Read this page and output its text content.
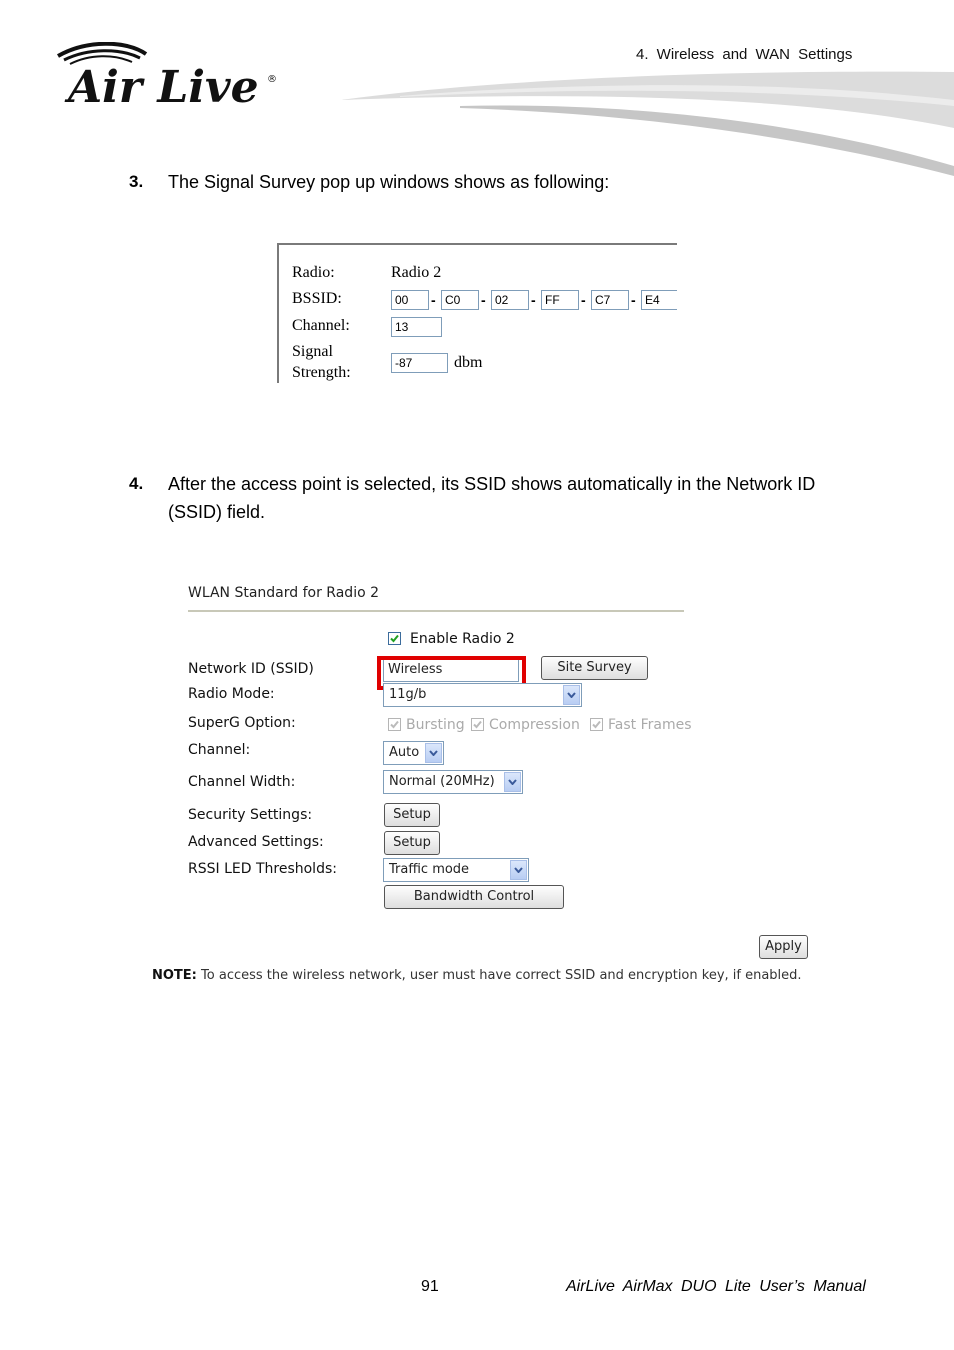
Air Live ®
4. Wireless and WAN Settings
3. The Signal Survey pop up windows shows as following:
Radio:	Radio 2
BSSID:	00	- C0	- 02	- FF	- C7	- E4
Channel:	13
Signal
Strength:
-87	dbm
4. After the access point is selected, its SSID shows automatically in the Network ID
(SSID) field.
WLAN Standard for Radio 2
Enable Radio 2
Network ID (SSID)	Wireless	Site Survey
Radio Mode:	11g/b
SuperG Option:	Bursting Compression Fast Frames
Channel:	Auto
Channel Width:	Normal (20MHz)
Security Settings:	Setup
Advanced Settings:	Setup
RSSI LED Thresholds:	Traffic mode
Bandwidth Control
Apply
NOTE: To access the wireless network, user must have correct SSID and encryption key, if enabled.
91	AirLive AirMax DUO Lite User’s Manual
